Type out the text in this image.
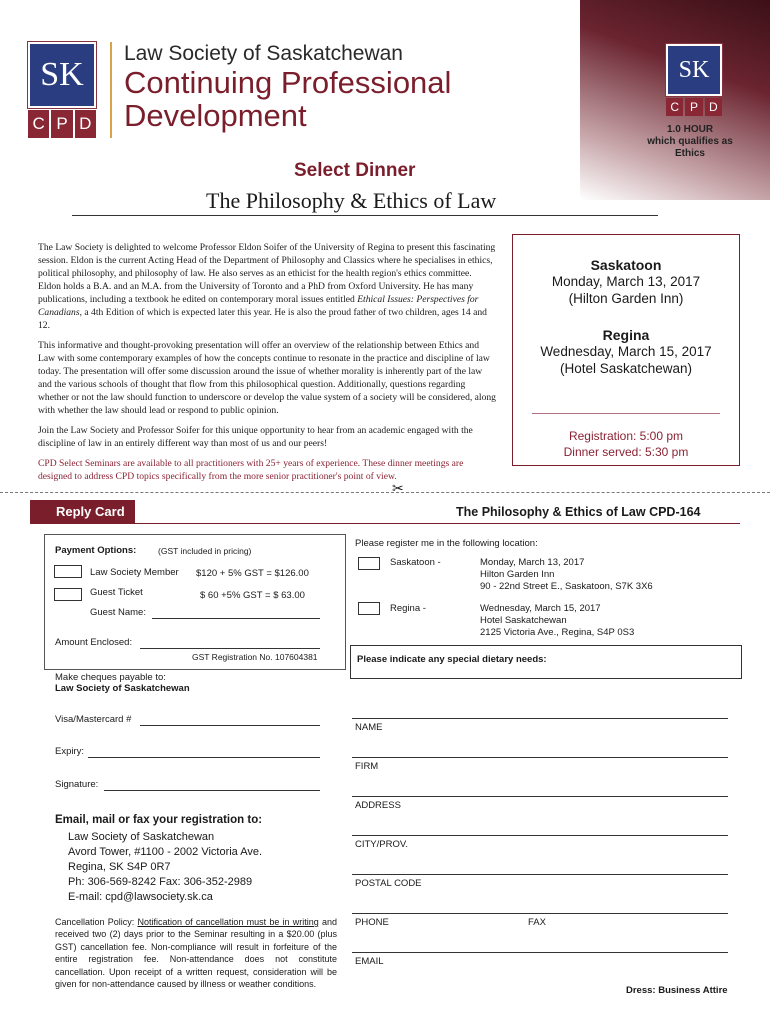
SK
C P D
Law Society of Saskatchewan
Continuing Professional
Development
SK
C P D
1.0 HOUR
which qualifies as
Ethics
Select Dinner
The Philosophy & Ethics of Law

The Law Society is delighted to welcome Professor Eldon Soifer of the University of Regina to present this fascinating session. Eldon is the current Acting Head of the Department of Philosophy and Classics where he specialises in ethics, political philosophy, and philosophy of law. He also serves as an ethicist for the health region's ethics committee. Eldon holds a B.A. and an M.A. from the University of Toronto and a PhD from Oxford University. He has many publications, including a textbook he edited on contemporary moral issues entitled Ethical Issues: Perspectives for Canadians, a 4th Edition of which is expected later this year. He is also the proud father of two children, ages 14 and 12.

This informative and thought-provoking presentation will offer an overview of the relationship between Ethics and Law with some contemporary examples of how the concepts continue to resonate in the practice and discipline of law today. The presentation will offer some discussion around the issue of whether morality is inherently part of the law and the various schools of thought that flow from this philosophical question. Additionally, questions regarding whether or not the law should function to underscore or develop the value system of a society will be considered, along with whether the law should lead or respond to public opinion.

Join the Law Society and Professor Soifer for this unique opportunity to hear from an academic engaged with the discipline of law in an entirely different way than most of us and our peers!

CPD Select Seminars are available to all practitioners with 25+ years of experience. These dinner meetings are designed to address CPD topics specifically from the more senior practitioner's point of view.

Saskatoon
Monday, March 13, 2017
(Hilton Garden Inn)
Regina
Wednesday, March 15, 2017
(Hotel Saskatchewan)
Registration: 5:00 pm
Dinner served: 5:30 pm
✂
Reply Card	The Philosophy & Ethics of Law CPD-164
Payment Options:	(GST included in pricing)
Law Society Member $120 + 5% GST = $126.00
Guest Ticket	$ 60 +5% GST = $ 63.00
Guest Name:
Amount Enclosed:
GST Registration No. 107604381
Make cheques payable to:
Law Society of Saskatchewan
Visa/Mastercard #
Expiry:
Signature:
Email, mail or fax your registration to:
Law Society of Saskatchewan
Avord Tower, #1100 - 2002 Victoria Ave.
Regina, SK S4P 0R7
Ph: 306-569-8242 Fax: 306-352-2989
E-mail: cpd@lawsociety.sk.ca
Cancellation Policy: Notification of cancellation must be in writing and received two (2) days prior to the Seminar resulting in a $20.00 (plus GST) cancellation fee. Non-compliance will result in forfeiture of the entire registration fee. Non-attendance does not constitute cancellation. Upon receipt of a written request, consideration will be given for non-attendance caused by illness or weather conditions.
Please register me in the following location:
Saskatoon -	Monday, March 13, 2017
Hilton Garden Inn
90 - 22nd Street E., Saskatoon, S7K 3X6
Regina -	Wednesday, March 15, 2017
Hotel Saskatchewan
2125 Victoria Ave., Regina, S4P 0S3
Please indicate any special dietary needs:
NAME
FIRM
ADDRESS
CITY/PROV.
POSTAL CODE
PHONE	FAX
EMAIL
Dress: Business Attire
